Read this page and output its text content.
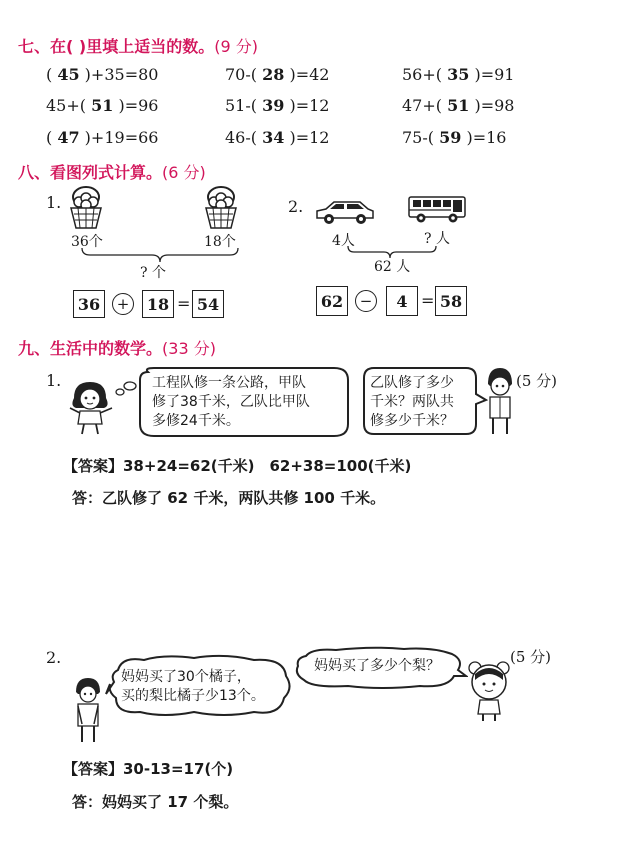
七、在( )里填上适当的数。(9 分)
( 45 )+35=80	70-( 28 )=42	56+( 35 )=91
45+( 51 )=96	51-( 39 )=12	47+( 51 )=98
( 47 )+19=66	46-( 34 )=12	75-( 59 )=16
八、看图列式计算。(6 分)
1.
36个	18个
? 个
36	+	18 = 54
2.
4人	? 人
62 人
62	−	4 = 58
九、生活中的数学。(33 分)
1.	工程队修一条公路，甲队
修了38千米，乙队比甲队
多修24千米。
乙队修了多少
千米？两队共
修多少千米？
(5 分)
【答案】38+24=62(千米)　62+38=100(千米)
答：乙队修了 62 千米，两队共修 100 千米。
2.
妈妈买了30个橘子，
买的梨比橘子少13个。
妈妈买了多少个梨？	(5 分)
【答案】30-13=17(个)
答：妈妈买了 17 个梨。
